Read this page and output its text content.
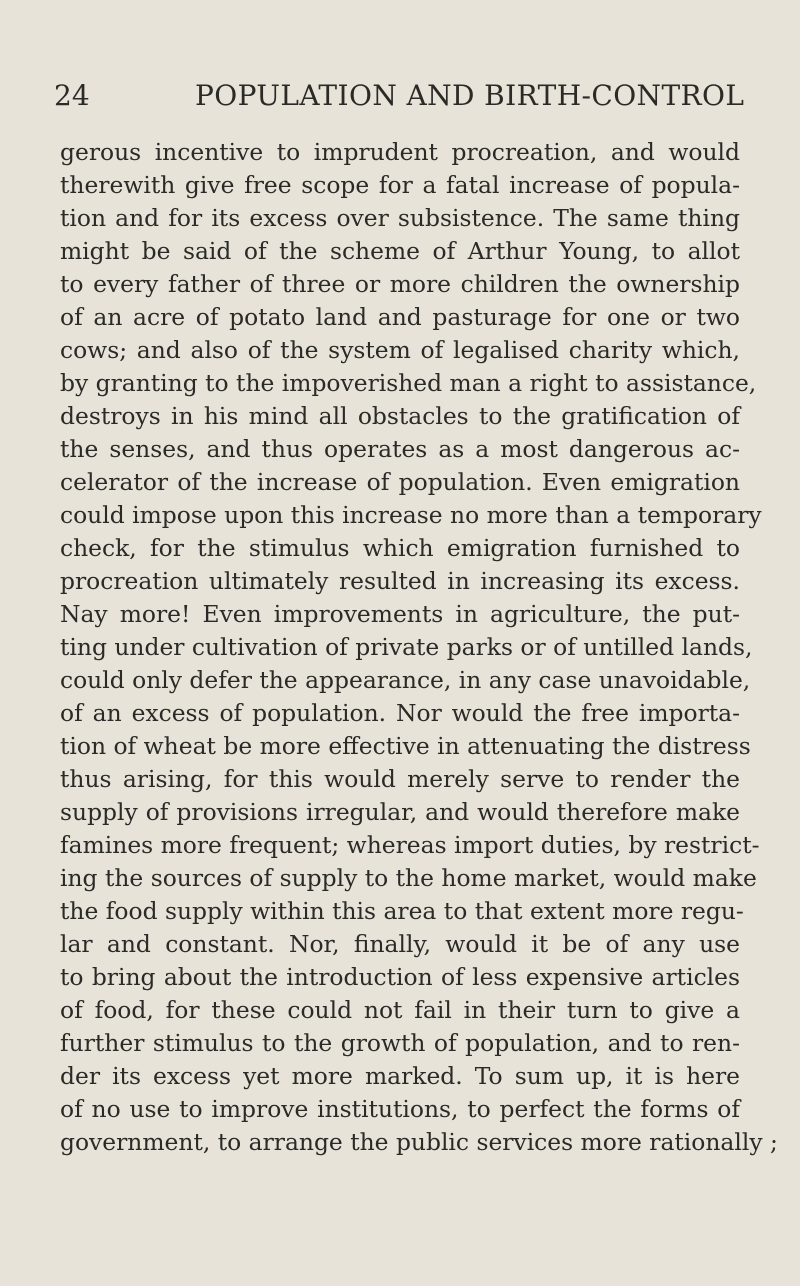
24	POPULATION AND BIRTH-CONTROL
gerous incentive to imprudent procreation, and would
therewith give free scope for a fatal increase of popula-
tion and for its excess over subsistence. The same thing
might be said of the scheme of Arthur Young, to allot
to every father of three or more children the ownership
of an acre of potato land and pasturage for one or two
cows; and also of the system of legalised charity which,
by granting to the impoverished man a right to assistance,
destroys in his mind all obstacles to the gratification of
the senses, and thus operates as a most dangerous ac-
celerator of the increase of population. Even emigration
could impose upon this increase no more than a temporary
check, for the stimulus which emigration furnished to
procreation ultimately resulted in increasing its excess.
Nay more! Even improvements in agriculture, the put-
ting under cultivation of private parks or of untilled lands,
could only defer the appearance, in any case unavoidable,
of an excess of population. Nor would the free importa-
tion of wheat be more effective in attenuating the distress
thus arising, for this would merely serve to render the
supply of provisions irregular, and would therefore make
famines more frequent; whereas import duties, by restrict-
ing the sources of supply to the home market, would make
the food supply within this area to that extent more regu-
lar and constant. Nor, finally, would it be of any use
to bring about the introduction of less expensive articles
of food, for these could not fail in their turn to give a
further stimulus to the growth of population, and to ren-
der its excess yet more marked. To sum up, it is here
of no use to improve institutions, to perfect the forms of
government, to arrange the public services more rationally ;
